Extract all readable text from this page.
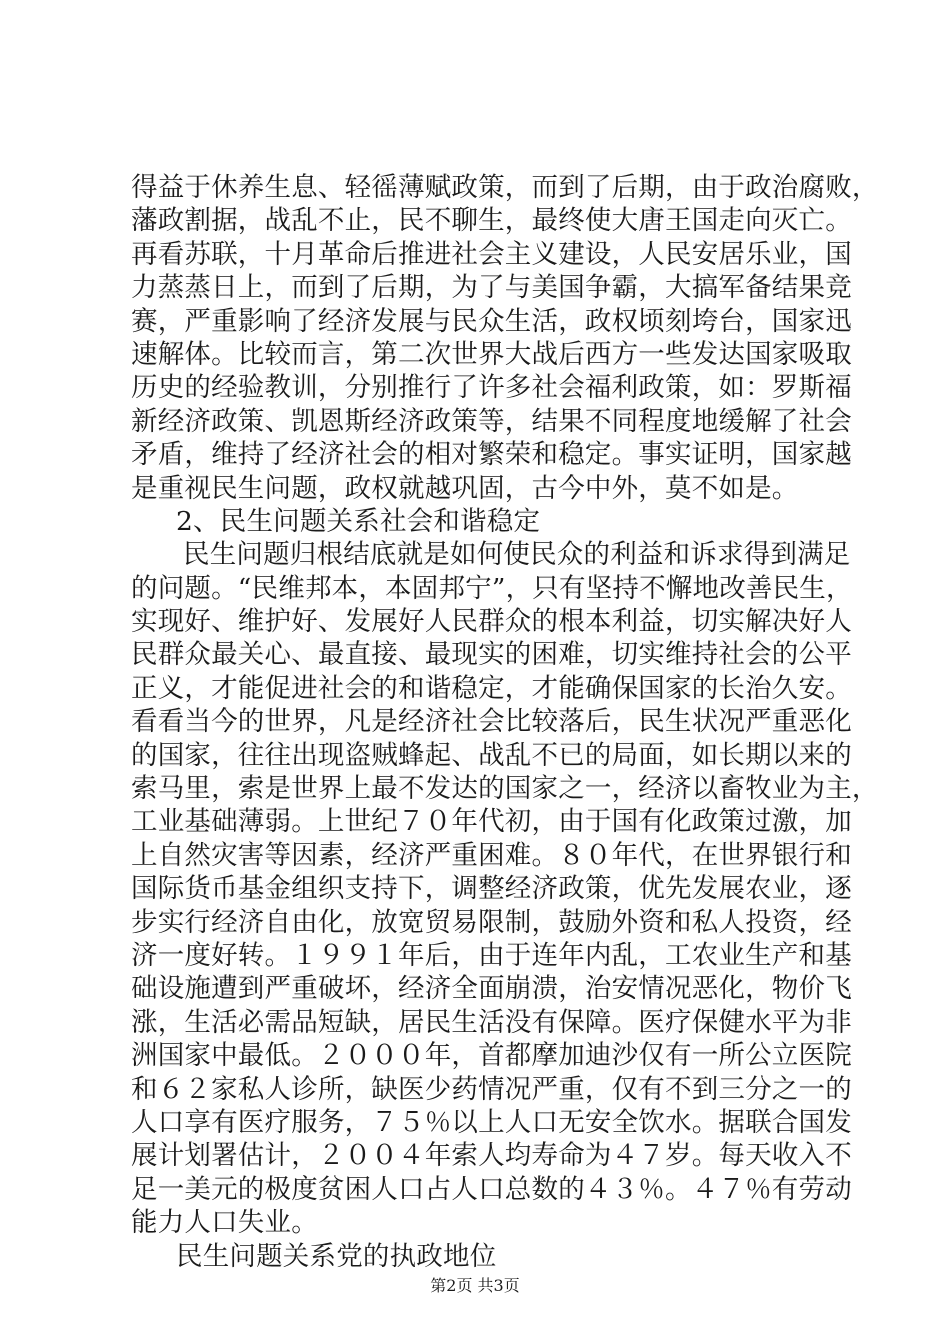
得益于休养生息、轻徭薄赋政策，而到了后期，由于政治腐败，
藩政割据，战乱不止，民不聊生，最终使大唐王国走向灭亡。
再看苏联，十月革命后推进社会主义建设，人民安居乐业，国
力蒸蒸日上，而到了后期，为了与美国争霸，大搞军备结果竞
赛，严重影响了经济发展与民众生活，政权顷刻垮台，国家迅
速解体。比较而言，第二次世界大战后西方一些发达国家吸取
历史的经验教训，分别推行了许多社会福利政策，如：罗斯福
新经济政策、凯恩斯经济政策等，结果不同程度地缓解了社会
矛盾，维持了经济社会的相对繁荣和稳定。事实证明，国家越
是重视民生问题，政权就越巩固，古今中外，莫不如是。
2、民生问题关系社会和谐稳定
民生问题归根结底就是如何使民众的利益和诉求得到满足
的问题。“民维邦本，本固邦宁”，只有坚持不懈地改善民生，
实现好、维护好、发展好人民群众的根本利益，切实解决好人
民群众最关心、最直接、最现实的困难，切实维持社会的公平
正义，才能促进社会的和谐稳定，才能确保国家的长治久安。
看看当今的世界，凡是经济社会比较落后，民生状况严重恶化
的国家，往往出现盗贼蜂起、战乱不已的局面，如长期以来的
索马里，索是世界上最不发达的国家之一，经济以畜牧业为主，
工业基础薄弱。上世纪７０年代初，由于国有化政策过激，加
上自然灾害等因素，经济严重困难。８０年代，在世界银行和
国际货币基金组织支持下，调整经济政策，优先发展农业，逐
步实行经济自由化，放宽贸易限制，鼓励外资和私人投资，经
济一度好转。１９９１年后，由于连年内乱，工农业生产和基
础设施遭到严重破坏，经济全面崩溃，治安情况恶化，物价飞
涨，生活必需品短缺，居民生活没有保障。医疗保健水平为非
洲国家中最低。２０００年，首都摩加迪沙仅有一所公立医院
和６２家私人诊所，缺医少药情况严重，仅有不到三分之一的
人口享有医疗服务，７５％以上人口无安全饮水。据联合国发
展计划署估计，２００４年索人均寿命为４７岁。每天收入不
足一美元的极度贫困人口占人口总数的４３％。４７％有劳动
能力人口失业。
民生问题关系党的执政地位
第2页 共3页
